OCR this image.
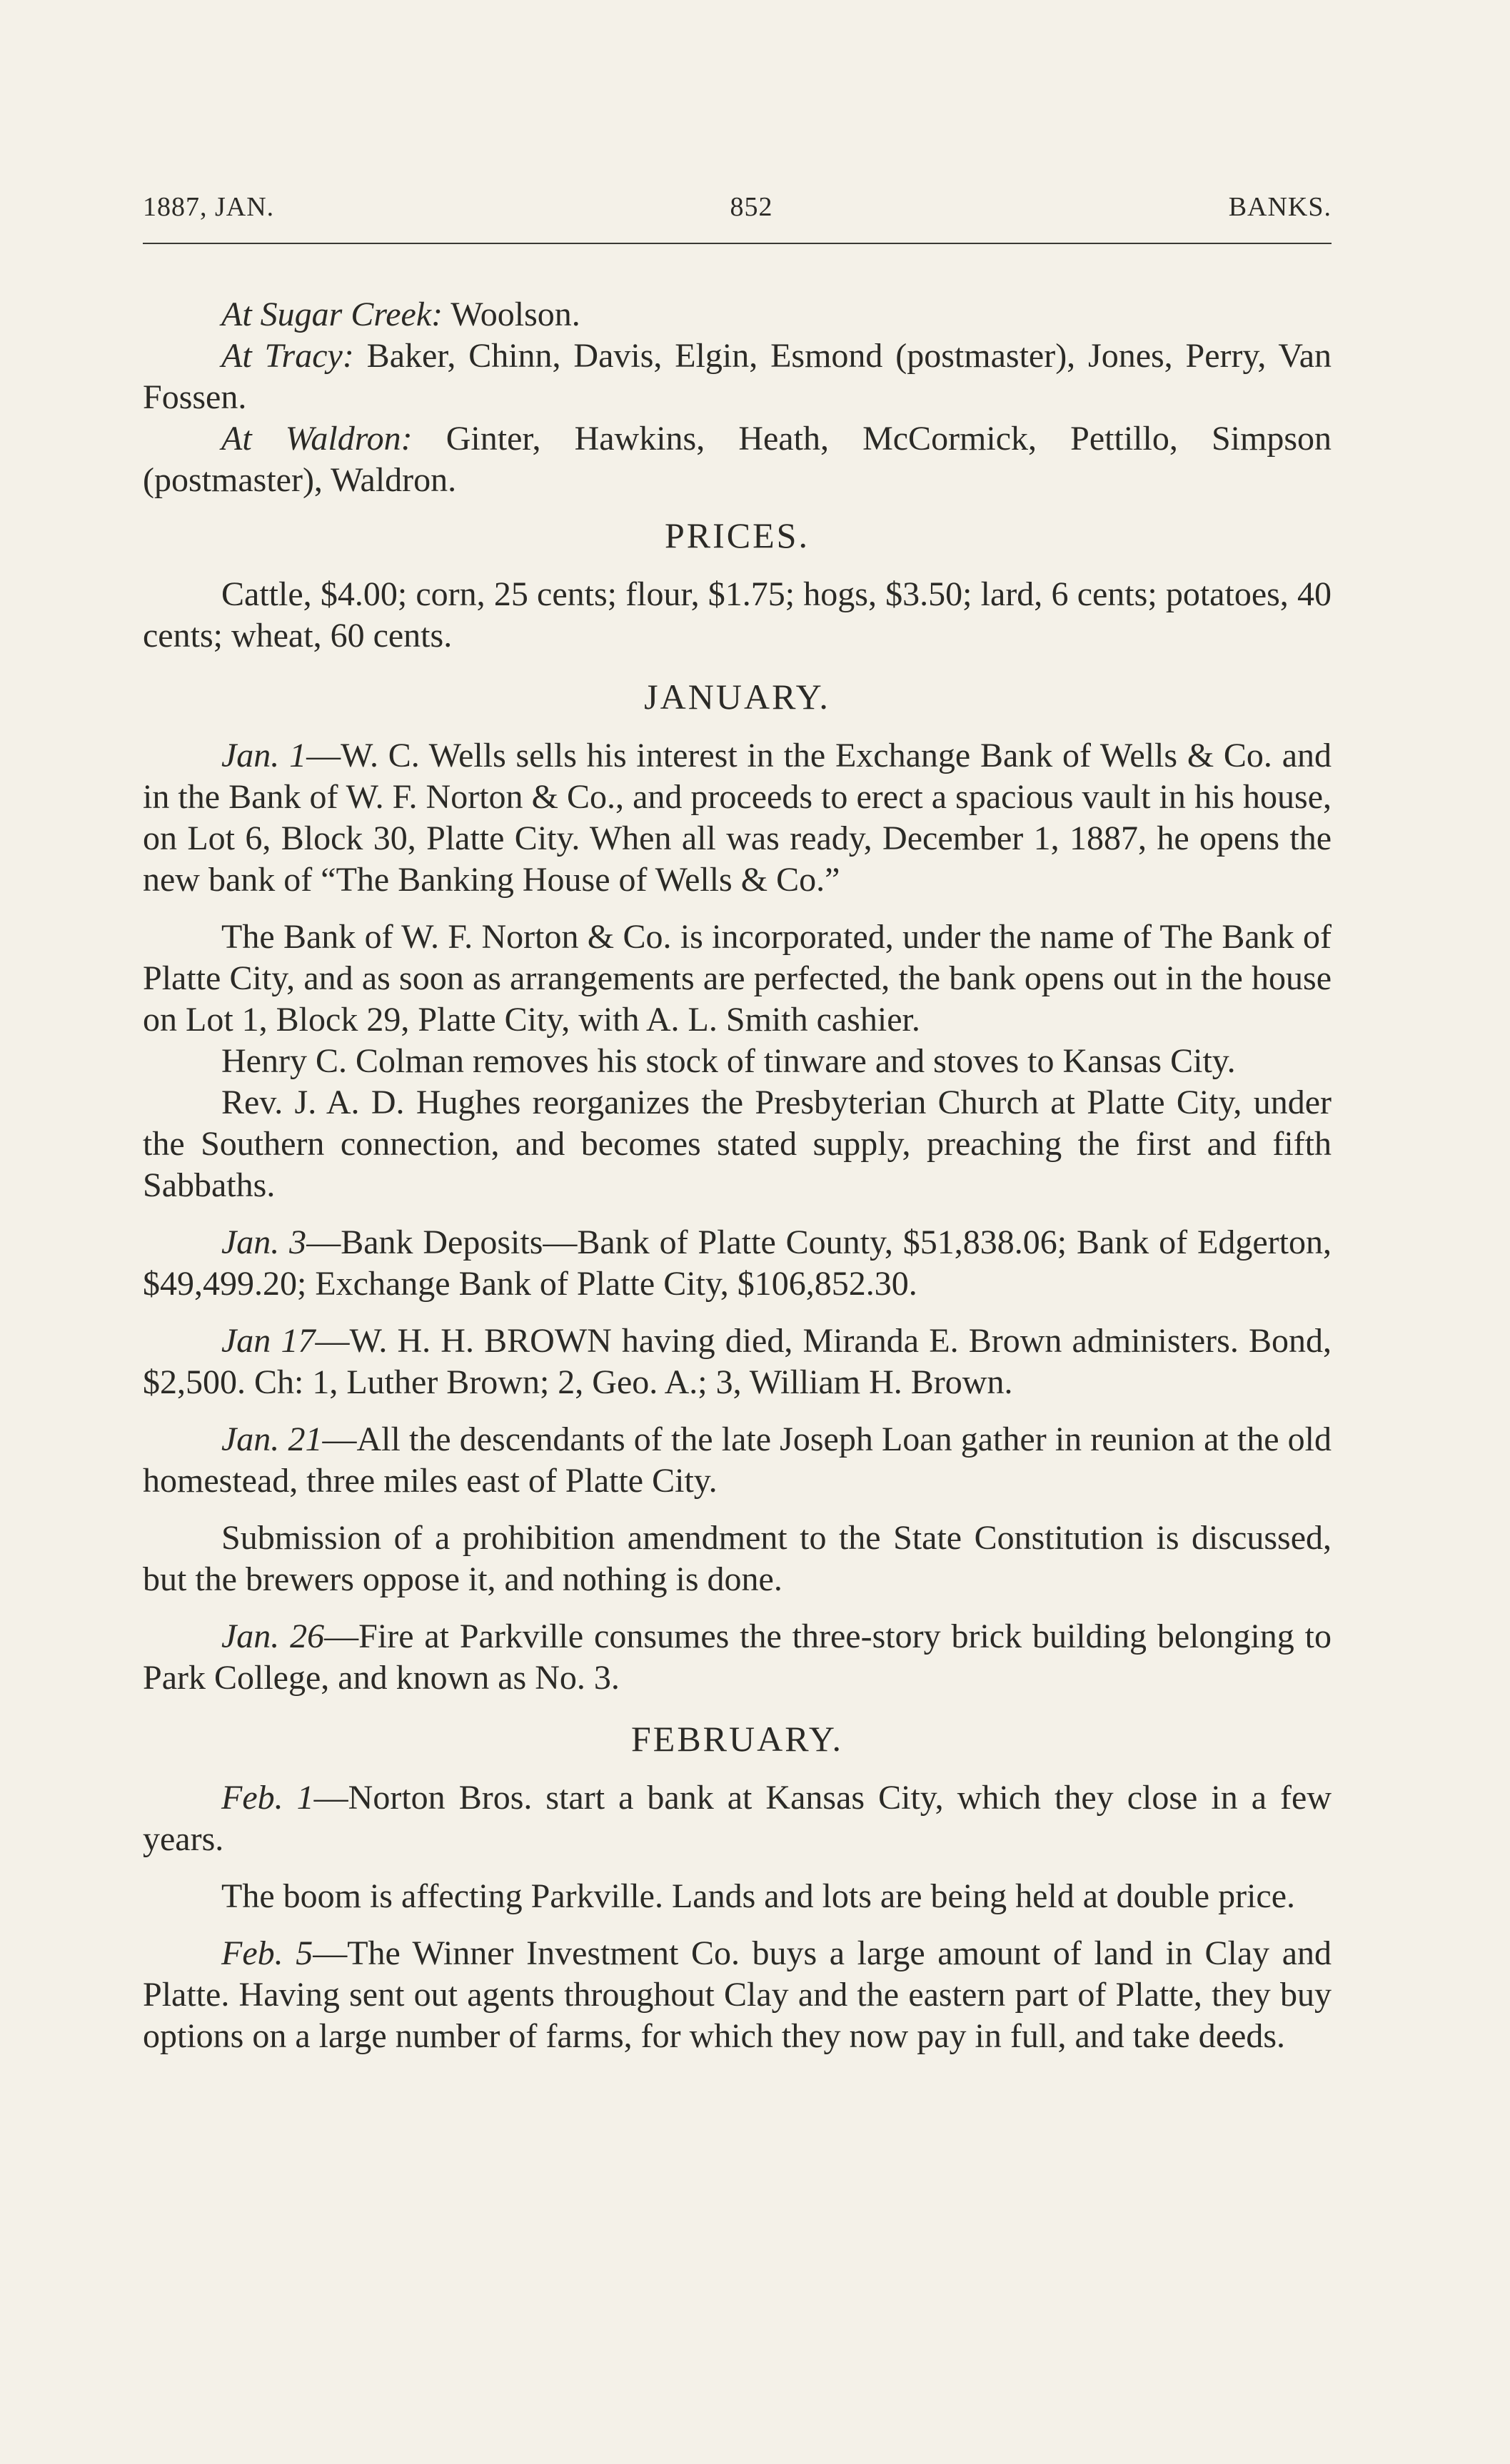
1887, JAN.	852	BANKS.

At Sugar Creek: Woolson.

At Tracy: Baker, Chinn, Davis, Elgin, Esmond (postmaster), Jones, Perry, Van Fossen.

At Waldron: Ginter, Hawkins, Heath, McCormick, Pettillo, Simpson (postmaster), Waldron.

PRICES.

Cattle, $4.00; corn, 25 cents; flour, $1.75; hogs, $3.50; lard, 6 cents; potatoes, 40 cents; wheat, 60 cents.

JANUARY.

Jan. 1—W. C. Wells sells his interest in the Exchange Bank of Wells & Co. and in the Bank of W. F. Norton & Co., and proceeds to erect a spacious vault in his house, on Lot 6, Block 30, Platte City. When all was ready, December 1, 1887, he opens the new bank of “The Banking House of Wells & Co.”

The Bank of W. F. Norton & Co. is incorporated, under the name of The Bank of Platte City, and as soon as arrangements are perfected, the bank opens out in the house on Lot 1, Block 29, Platte City, with A. L. Smith cashier.

Henry C. Colman removes his stock of tinware and stoves to Kansas City.

Rev. J. A. D. Hughes reorganizes the Presbyterian Church at Platte City, under the Southern connection, and becomes stated supply, preaching the first and fifth Sabbaths.

Jan. 3—Bank Deposits—Bank of Platte County, $51,838.06; Bank of Edgerton, $49,499.20; Exchange Bank of Platte City, $106,852.30.

Jan 17—W. H. H. BROWN having died, Miranda E. Brown administers. Bond, $2,500. Ch: 1, Luther Brown; 2, Geo. A.; 3, William H. Brown.

Jan. 21—All the descendants of the late Joseph Loan gather in reunion at the old homestead, three miles east of Platte City.

Submission of a prohibition amendment to the State Constitution is discussed, but the brewers oppose it, and nothing is done.

Jan. 26—Fire at Parkville consumes the three-story brick building belonging to Park College, and known as No. 3.

FEBRUARY.

Feb. 1—Norton Bros. start a bank at Kansas City, which they close in a few years.

The boom is affecting Parkville. Lands and lots are being held at double price.

Feb. 5—The Winner Investment Co. buys a large amount of land in Clay and Platte. Having sent out agents throughout Clay and the eastern part of Platte, they buy options on a large number of farms, for which they now pay in full, and take deeds.
